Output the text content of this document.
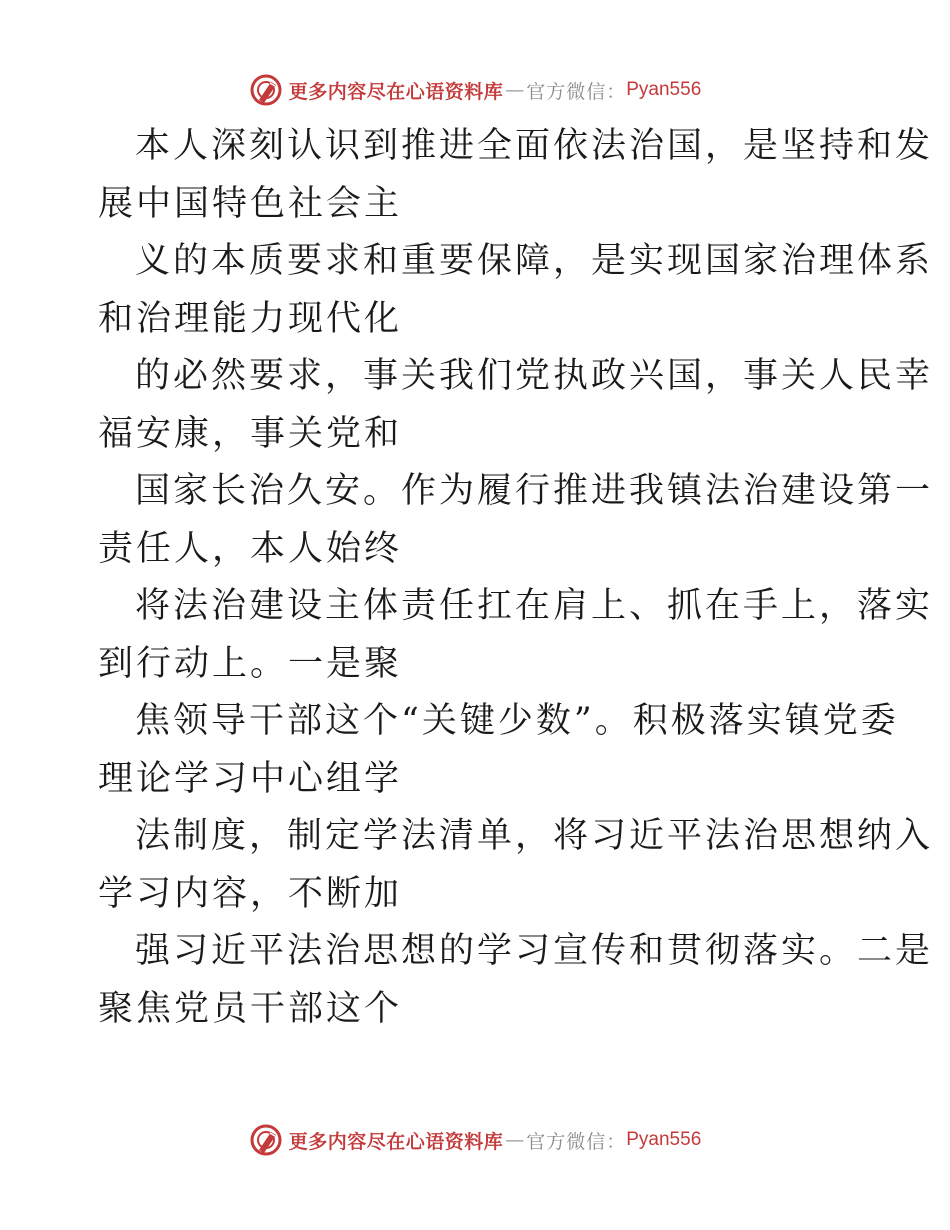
更多内容尽在心语资料库 — 官方微信： Pyan556
本人深刻认识到推进全面依法治国，是坚持和发
展中国特色社会主
义的本质要求和重要保障，是实现国家治理体系
和治理能力现代化
的必然要求，事关我们党执政兴国，事关人民幸
福安康，事关党和
国家长治久安。作为履行推进我镇法治建设第一
责任人，本人始终
将法治建设主体责任扛在肩上、抓在手上，落实
到行动上。一是聚
焦领导干部这个“关键少数”。积极落实镇党委
理论学习中心组学
法制度，制定学法清单，将习近平法治思想纳入
学习内容，不断加
强习近平法治思想的学习宣传和贯彻落实。二是
聚焦党员干部这个
更多内容尽在心语资料库 — 官方微信： Pyan556
